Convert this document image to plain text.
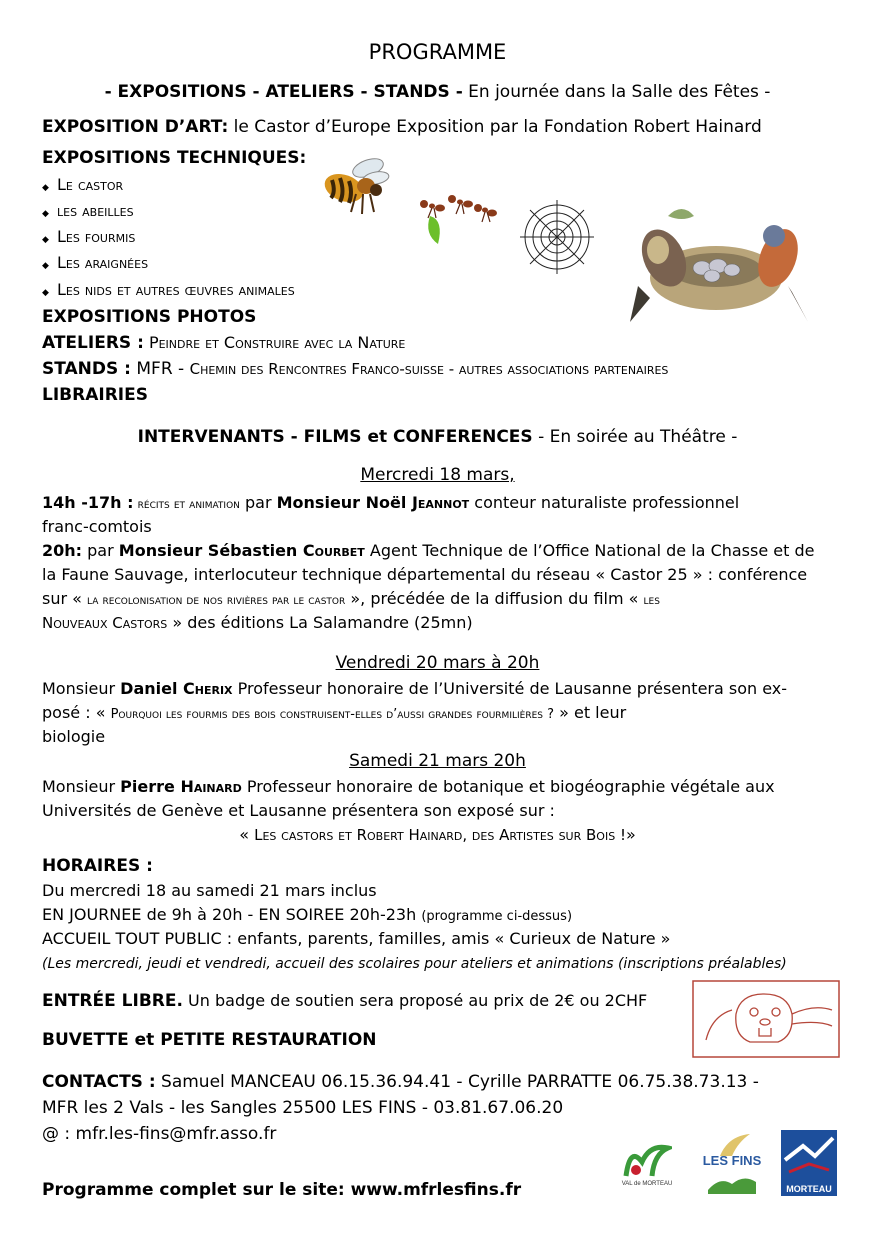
PROGRAMME
- EXPOSITIONS - ATELIERS - STANDS - En journée dans la Salle des Fêtes -
EXPOSITION D’ART: le Castor d’Europe Exposition par la Fondation Robert Hainard
EXPOSITIONS TECHNIQUES:
◆ Le castor
◆ les abeilles
◆ Les fourmis
◆ Les araignées
◆ Les nids et autres œuvres animales
EXPOSITIONS PHOTOS
ATELIERS : Peindre et Construire avec la Nature
STANDS : MFR - Chemin des Rencontres Franco-suisse - autres associations partenaires
LIBRAIRIES
INTERVENANTS - FILMS et CONFERENCES - En soirée au Théâtre -
Mercredi 18 mars,
14h -17h : récits et animation par Monsieur Noël Jeannot conteur naturaliste professionnel
franc-comtois
20h: par Monsieur Sébastien Courbet Agent Technique de l’Office National de la Chasse et de
la Faune Sauvage, interlocuteur technique départemental du réseau « Castor 25 » : conférence
sur « la recolonisation de nos rivières par le castor », précédée de la diffusion du film « les
Nouveaux Castors » des éditions La Salamandre (25mn)
Vendredi 20 mars à 20h
Monsieur Daniel Cherix Professeur honoraire de l’Université de Lausanne présentera son ex-
posé : « Pourquoi les fourmis des bois construisent-elles d’aussi grandes fourmilières ? » et leur
biologie
Samedi 21 mars 20h
Monsieur Pierre Hainard Professeur honoraire de botanique et biogéographie végétale aux
Universités de Genève et Lausanne présentera son exposé sur :
« Les castors et Robert Hainard, des Artistes sur Bois !»
HORAIRES :
Du mercredi 18 au samedi 21 mars inclus
EN JOURNEE de 9h à 20h - EN SOIREE 20h-23h (programme ci-dessus)
ACCUEIL TOUT PUBLIC : enfants, parents, familles, amis « Curieux de Nature »
(Les mercredi, jeudi et vendredi, accueil des scolaires pour ateliers et animations (inscriptions préalables)
ENTRÉE LIBRE. Un badge de soutien sera proposé au prix de 2€ ou 2CHF
BUVETTE et PETITE RESTAURATION
CONTACTS : Samuel MANCEAU 06.15.36.94.41 - Cyrille PARRATTE 06.75.38.73.13 -
MFR les 2 Vals - les Sangles 25500 LES FINS - 03.81.67.06.20
@ : mfr.les-fins@mfr.asso.fr
Programme complet sur le site: www.mfrlesfins.fr	VAL de MORTEAU
LES FINS
MORTEAU
